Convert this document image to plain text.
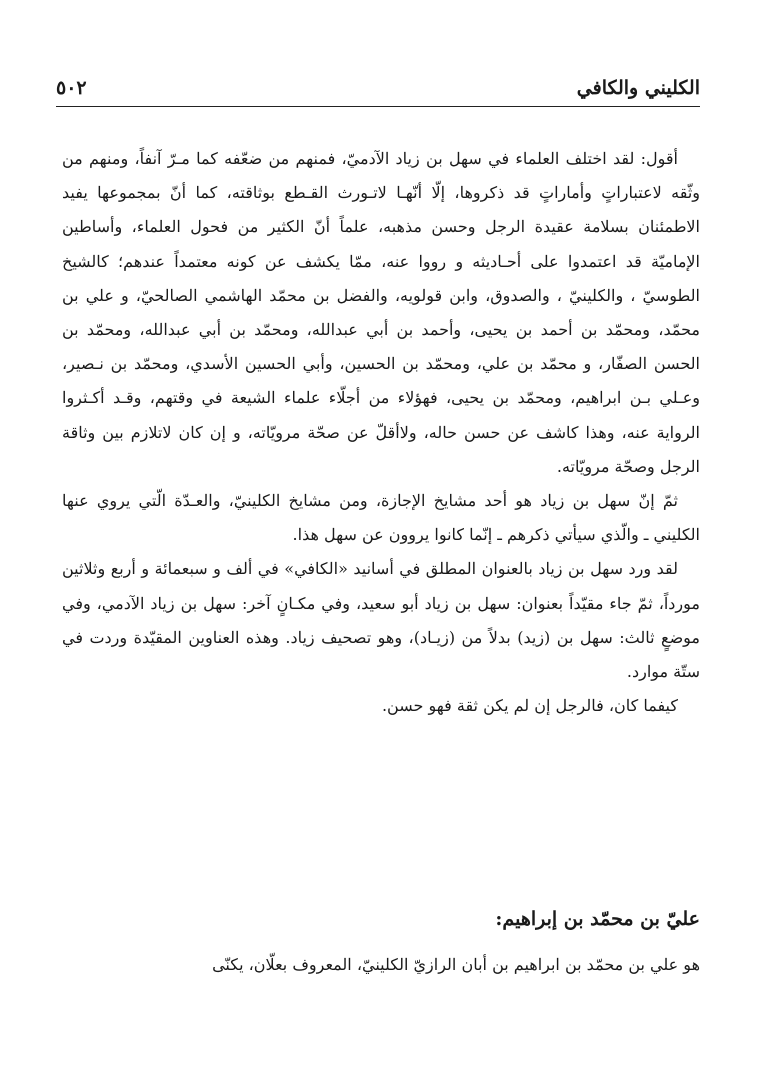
الكليني والكافي
٥٠٢

أقول: لقد اختلف العلماء في سهل بن زياد الآدميّ، فمنهم من ضعّفه كما مـرّ آنفاً، ومنهم من وثّقه لاعتباراتٍ وأماراتٍ قد ذكروها، إلّا أنّهـا لاتـورث القـطع بوثاقته، كما أنّ بمجموعها يفيد الاطمئنان بسلامة عقيدة الرجل وحسن مذهبه، علماً أنّ الكثير من فحول العلماء، وأساطين الإماميّة قد اعتمدوا على أحـاديثه و رووا عنه، ممّا يكشف عن كونه معتمداً عندهم؛ كالشيخ الطوسيّ ، والكلينيّ ، والصدوق، وابن قولويه، والفضل بن محمّد الهاشمي الصالحيّ، و علي بن محمّد، ومحمّد بن أحمد بن يحيى، وأحمد بن أبي عبدالله، ومحمّد بن أبي عبدالله، ومحمّد بن الحسن الصفّار، و محمّد بن علي، ومحمّد بن الحسين، وأبي الحسين الأسدي، ومحمّد بن نـصير، وعـلي بـن ابراهيم، ومحمّد بن يحيى، فهؤلاء من أجلّاء علماء الشيعة في وقتهم، وقـد أكـثروا الرواية عنه، وهذا كاشف عن حسن حاله، ولاأقلّ عن صحّة مرويّاته، و إن كان لاتلازم بين وثاقة الرجل وصحّة مرويّاته.

ثمّ إنّ سهل بن زياد هو أحد مشايخ الإجازة، ومن مشايخ الكلينيّ، والعـدّة الّتي يروي عنها الكليني ـ والّذي سيأتي ذكرهم ـ إنّما كانوا يروون عن سهل هذا.

لقد ورد سهل بن زياد بالعنوان المطلق في أسانيد «الكافي» في ألف و سبعمائة و أربع وثلاثين مورداً، ثمّ جاء مقيّداً بعنوان: سهل بن زياد أبو سعيد، وفي مكـانٍ آخر: سهل بن زياد الآدمي، وفي موضعٍ ثالث: سهل بن (زيد) بدلاً من (زيـاد)، وهو تصحيف زياد. وهذه العناوين المقيّدة وردت في ستّة موارد.

كيفما كان، فالرجل إن لم يكن ثقة فهو حسن.

عليّ بن محمّد بن إبراهيم:

هو علي بن محمّد بن ابراهيم بن أبان الرازيّ الكلينيّ، المعروف بعلّان، يكنّى
